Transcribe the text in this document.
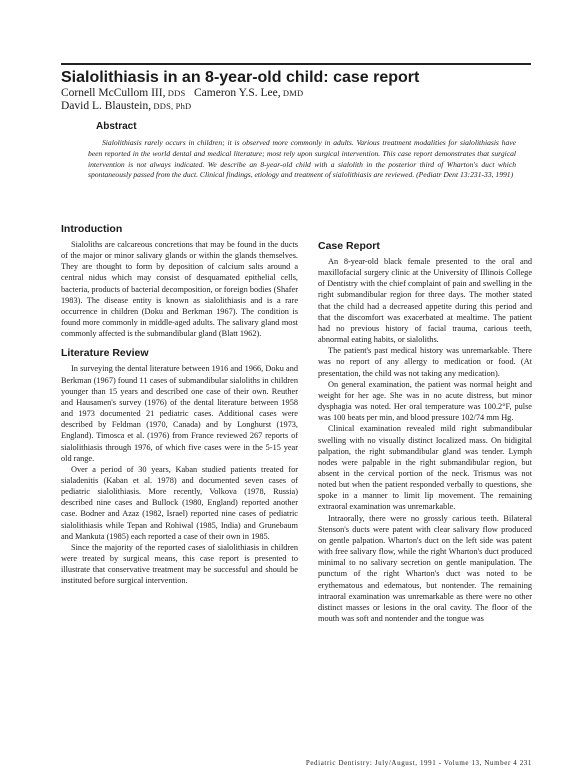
Sialolithiasis in an 8-year-old child: case report
Cornell McCullom III, DDS   Cameron Y.S. Lee, DMD
David L. Blaustein, DDS, PhD
Abstract

Sialolithiasis rarely occurs in children; it is observed more commonly in adults. Various treatment modalities for sialolithiasis have been reported in the world dental and medical literature; most rely upon surgical intervention. This case report demonstrates that surgical intervention is not always indicated. We describe an 8-year-old child with a sialolith in the posterior third of Wharton's duct which spontaneously passed from the duct. Clinical findings, etiology and treatment of sialolithiasis are reviewed. (Pediatr Dent 13:231-33, 1991)

Introduction

Sialoliths are calcareous concretions that may be found in the ducts of the major or minor salivary glands or within the glands themselves. They are thought to form by deposition of calcium salts around a central nidus which may consist of desquamated epithelial cells, bacteria, products of bacterial decomposition, or foreign bodies (Shafer 1983). The disease entity is known as sialolithiasis and is a rare occurrence in children (Doku and Berkman 1967). The condition is found more commonly in middle-aged adults. The salivary gland most commonly affected is the submandibular gland (Blatt 1962).

Literature Review

In surveying the dental literature between 1916 and 1966, Doku and Berkman (1967) found 11 cases of submandibular sialoliths in children younger than 15 years and described one case of their own. Reuther and Hausamen's survey (1976) of the dental literature between 1958 and 1973 documented 21 pediatric cases. Additional cases were described by Feldman (1970, Canada) and by Longhurst (1973, England). Timosca et al. (1976) from France reviewed 267 reports of sialolithiasis through 1976, of which five cases were in the 5-15 year old range.

Over a period of 30 years, Kaban studied patients treated for sialadenitis (Kaban et al. 1978) and documented seven cases of pediatric sialolithiasis. More recently, Volkova (1978, Russia) described nine cases and Bullock (1980, England) reported another case. Bodner and Azaz (1982, Israel) reported nine cases of pediatric sialolithiasis while Tepan and Rohiwal (1985, India) and Grunebaum and Mankuta (1985) each reported a case of their own in 1985.

Since the majority of the reported cases of sialolithiasis in children were treated by surgical means, this case report is presented to illustrate that conservative treatment may be successful and should be instituted before surgical intervention.

Case Report

An 8-year-old black female presented to the oral and maxillofacial surgery clinic at the University of Illinois College of Dentistry with the chief complaint of pain and swelling in the right submandibular region for three days. The mother stated that the child had a decreased appetite during this period and that the discomfort was exacerbated at mealtime. The patient had no previous history of facial trauma, carious teeth, abnormal eating habits, or sialoliths.

The patient's past medical history was unremarkable. There was no report of any allergy to medication or food. (At presentation, the child was not taking any medication).

On general examination, the patient was normal height and weight for her age. She was in no acute distress, but minor dysphagia was noted. Her oral temperature was 100.2°F, pulse was 100 beats per min, and blood pressure 102/74 mm Hg.

Clinical examination revealed mild right submandibular swelling with no visually distinct localized mass. On bidigital palpation, the right submandibular gland was tender. Lymph nodes were palpable in the right submandibular region, but absent in the cervical portion of the neck. Trismus was not noted but when the patient responded verbally to questions, she spoke in a manner to limit lip movement. The remaining extraoral examination was unremarkable.

Intraorally, there were no grossly carious teeth. Bilateral Stenson's ducts were patent with clear salivary flow produced on gentle palpation. Wharton's duct on the left side was patent with free salivary flow, while the right Wharton's duct produced minimal to no salivary secretion on gentle manipulation. The punctum of the right Wharton's duct was noted to be erythematous and edematous, but nontender. The remaining intraoral examination was unremarkable as there were no other distinct masses or lesions in the oral cavity. The floor of the mouth was soft and nontender and the tongue was

Pediatric Dentistry: July/August, 1991 - Volume 13, Number 4 231
